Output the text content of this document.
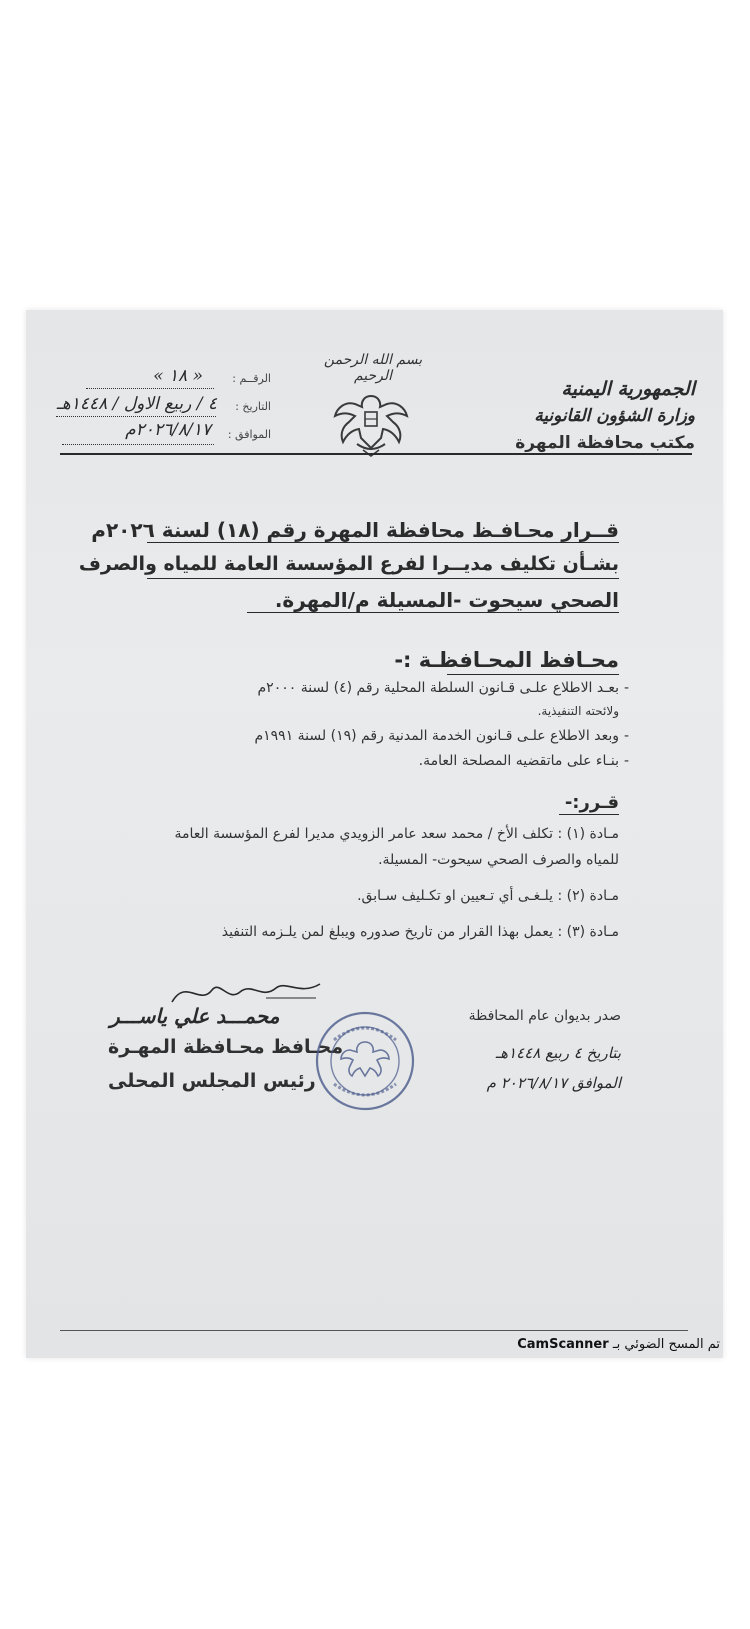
الجمهورية اليمنية
وزارة الشؤون القانونية
مكتب محافظة المهرة
بسم الله الرحمن الرحيم
الرقــم :
« ١٨ »
التاريخ :
٤ / ربيع الاول / ١٤٤٨هـ
الموافق :
٢٠٢٦/٨/١٧م
قــرار محـافـظ محافظة المهرة رقم (١٨) لسنة ٢٠٢٦م
بشـأن تكليف مديــرا لفرع المؤسسة العامة للمياه والصرف
الصحي سيحوت -المسيلة م/المهرة.
محـافظ المحـافظـة :-
بعـد الاطلاع علـى قـانون السلطة المحلية رقم (٤) لسنة ٢٠٠٠م
ولائحته التنفيذية.
وبعد الاطلاع علـى قـانون الخدمة المدنية رقم (١٩) لسنة ١٩٩١م
بنـاء على ماتقضيه المصلحة العامة.
-
-
-
قـرر:-
مـادة (١) : تكلف الأخ / محمد سعد عامر الزويدي مديرا لفرع المؤسسة العامة
للمياه والصرف الصحي سيحوت- المسيلة.
مـادة (٢) : يلـغـى أي تـعيين او تكـليف سـابق.
مـادة (٣) : يعمل بهذا القرار من تاريخ صدوره ويبلغ لمن يلـزمه التنفيذ
محمـــد علي ياســـر
محـافظ محـافظة المهـرة
رئيس المجلس المحلى
صدر بديوان عام المحافظة
بتاريخ ٤ ربيع ١٤٤٨هـ
الموافق ٢٠٢٦/٨/١٧ م
تم المسح الضوئي بـ CamScanner
